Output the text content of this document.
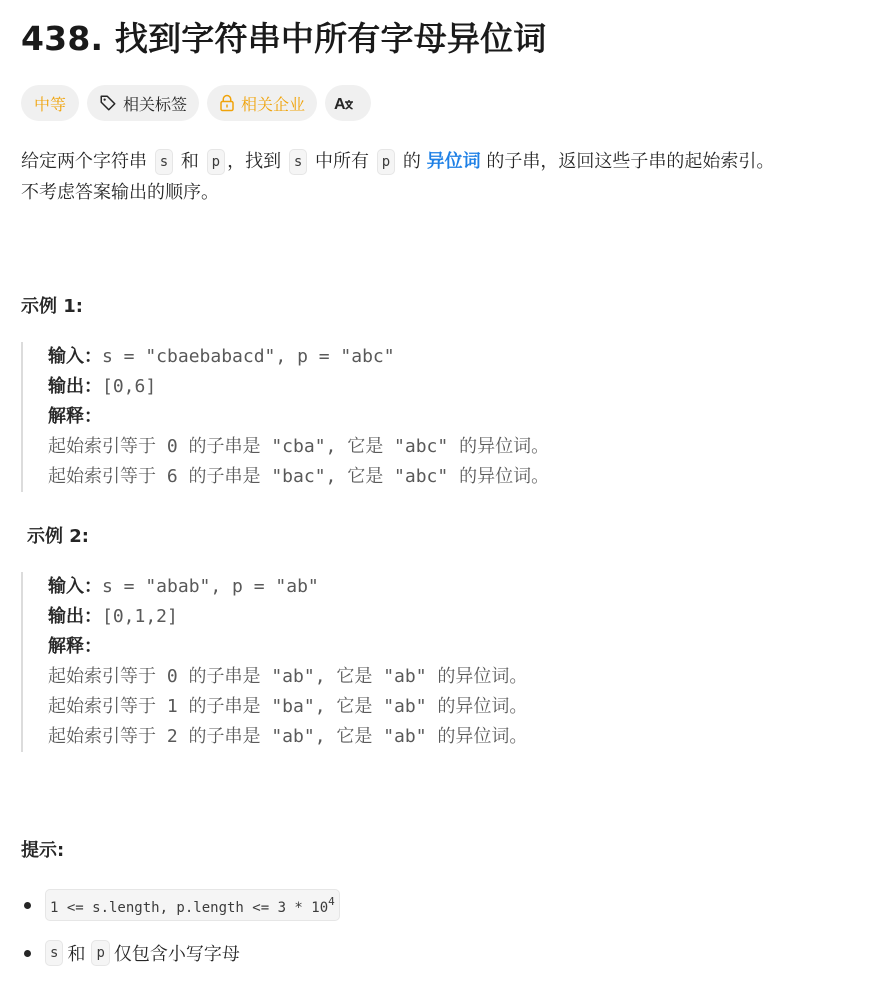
438. 找到字符串中所有字母异位词
中等	相关标签	相关企业 A
给定两个字符串 s 和 p ，找到 s 中所有 p 的 异位词 的子串，返回这些子串的起始索引。
不考虑答案输出的顺序。
示例 1:
输入：s = "cbaebabacd", p = "abc"
输出：[0,6]
解释：
起始索引等于 0 的子串是 "cba", 它是 "abc" 的异位词。
起始索引等于 6 的子串是 "bac", 它是 "abc" 的异位词。
示例 2:
输入：s = "abab", p = "ab"
输出：[0,1,2]
解释：
起始索引等于 0 的子串是 "ab", 它是 "ab" 的异位词。
起始索引等于 1 的子串是 "ba", 它是 "ab" 的异位词。
起始索引等于 2 的子串是 "ab", 它是 "ab" 的异位词。
提示:
1 <= s.length, p.length <= $3 * 10^4$
s 和 p 仅包含小写字母
